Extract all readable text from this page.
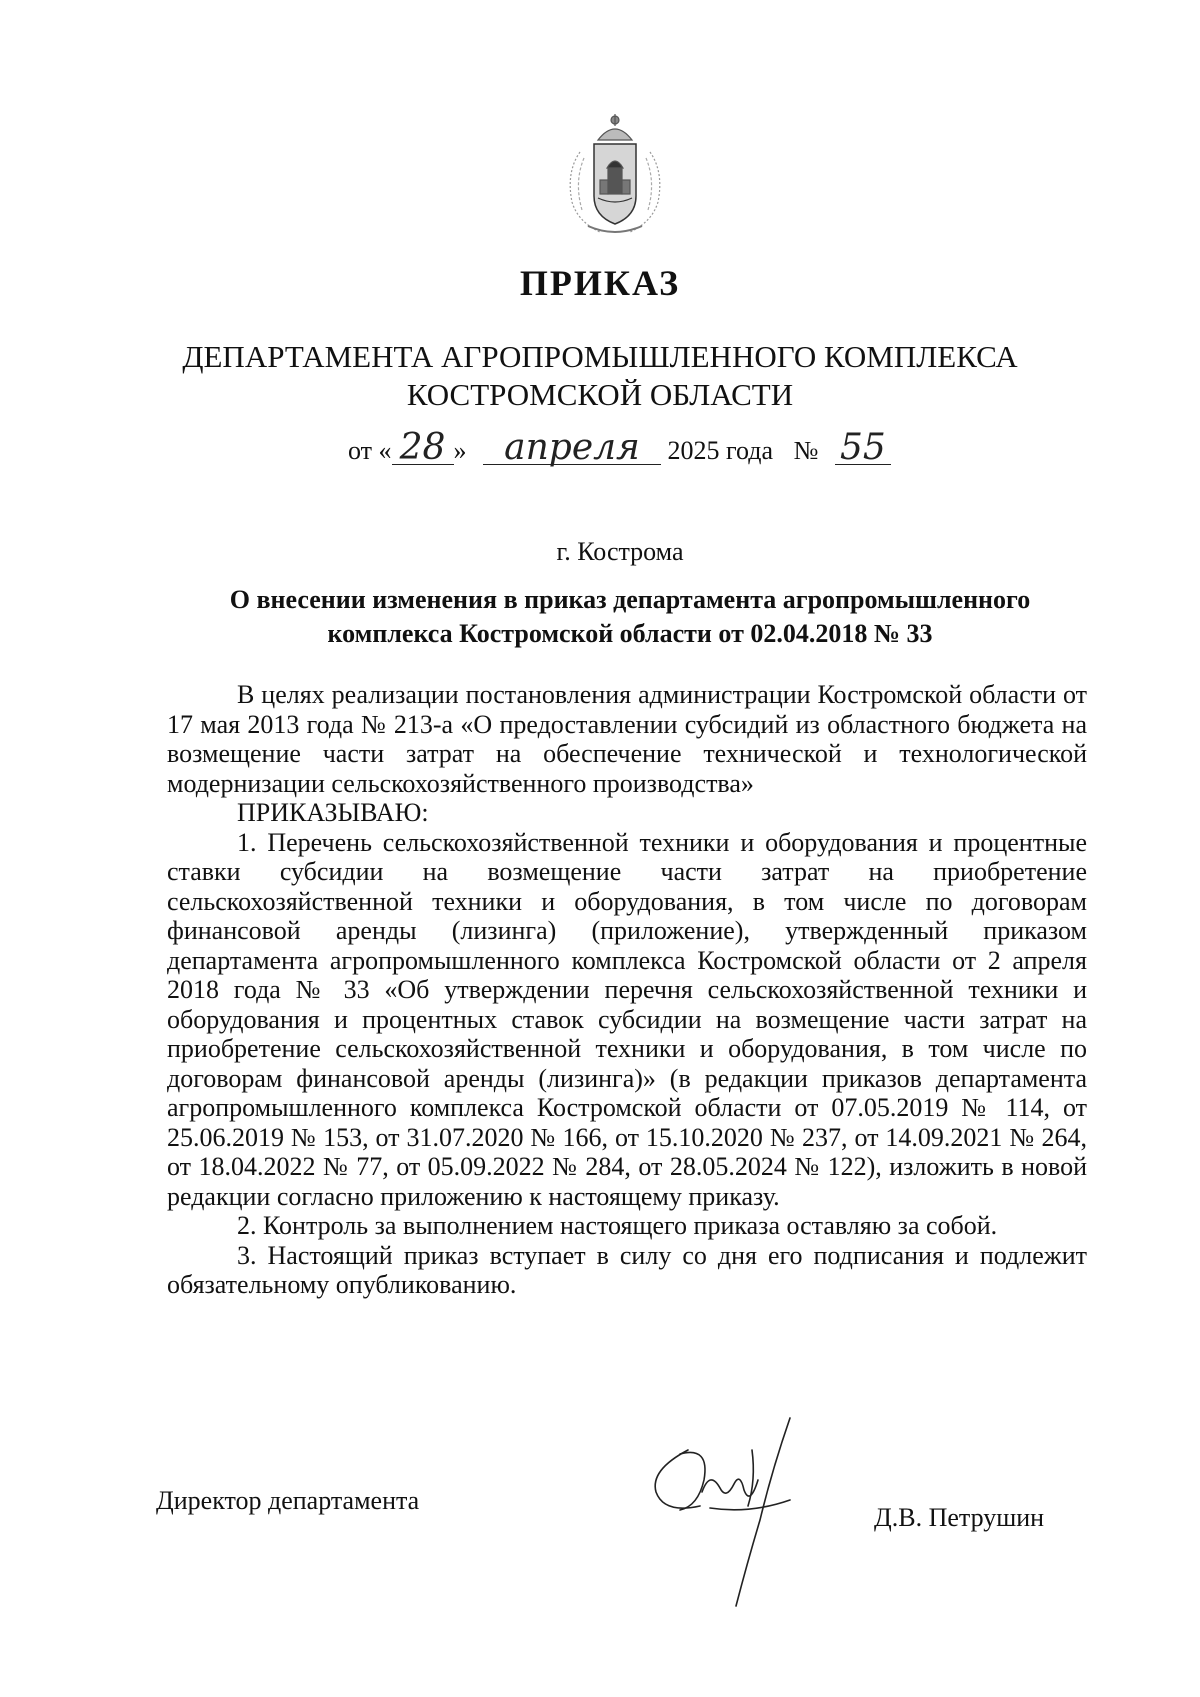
ПРИКАЗ
ДЕПАРТАМЕНТА АГРОПРОМЫШЛЕННОГО КОМПЛЕКСА
КОСТРОМСКОЙ ОБЛАСТИ
от « 28 » апреля 2025 года № 55
г. Кострома
О внесении изменения в приказ департамента агропромышленного
комплекса Костромской области от 02.04.2018 № 33

В целях реализации постановления администрации Костромской области от 17 мая 2013 года № 213-а «О предоставлении субсидий из областного бюджета на возмещение части затрат на обеспечение технической и технологической модернизации сельскохозяйственного производства»

ПРИКАЗЫВАЮ:

1. Перечень сельскохозяйственной техники и оборудования и процентные ставки субсидии на возмещение части затрат на приобретение сельскохозяйственной техники и оборудования, в том числе по договорам финансовой аренды (лизинга) (приложение), утвержденный приказом департамента агропромышленного комплекса Костромской области от 2 апреля 2018 года № 33 «Об утверждении перечня сельскохозяйственной техники и оборудования и процентных ставок субсидии на возмещение части затрат на приобретение сельскохозяйственной техники и оборудования, в том числе по договорам финансовой аренды (лизинга)» (в редакции приказов департамента агропромышленного комплекса Костромской области от 07.05.2019 № 114, от 25.06.2019 № 153, от 31.07.2020 № 166, от 15.10.2020 № 237, от 14.09.2021 № 264, от 18.04.2022 № 77, от 05.09.2022 № 284, от 28.05.2024 № 122), изложить в новой редакции согласно приложению к настоящему приказу.

2. Контроль за выполнением настоящего приказа оставляю за собой.

3. Настоящий приказ вступает в силу со дня его подписания и подлежит обязательному опубликованию.

Директор департамента
Д.В. Петрушин
